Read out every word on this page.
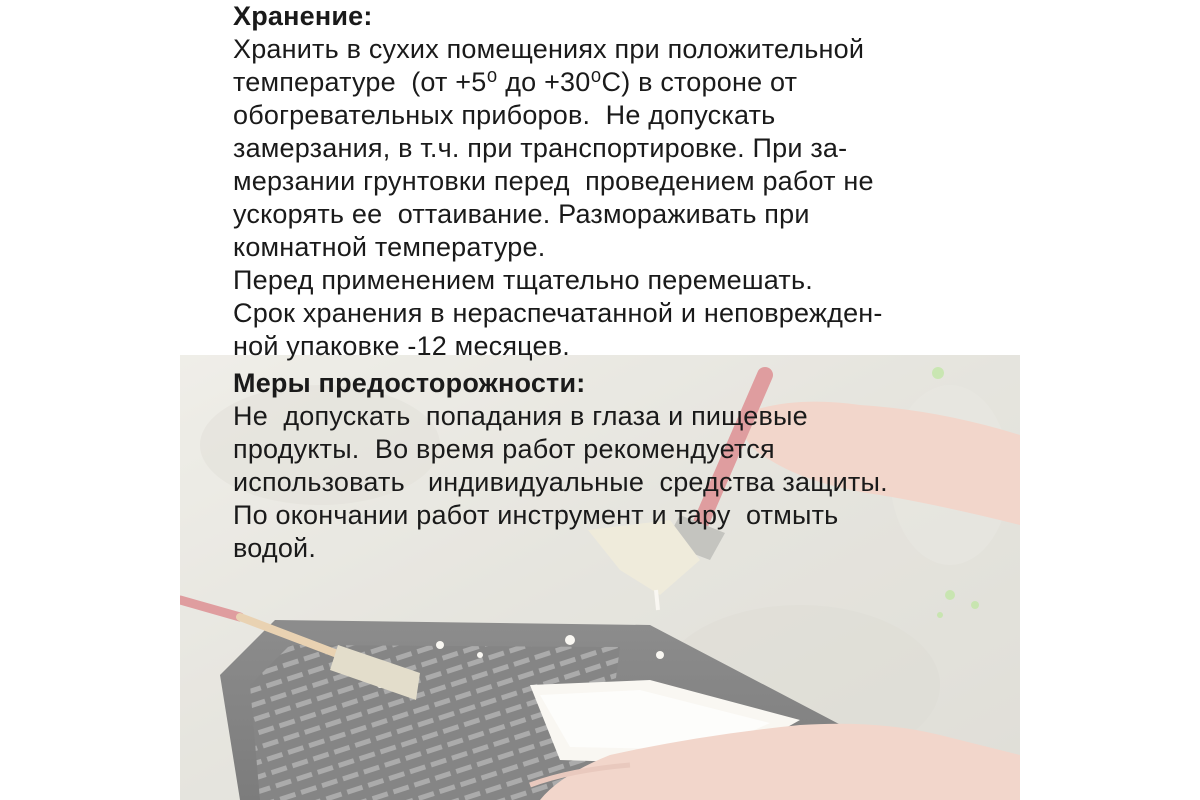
Хранение:
Хранить в сухих помещениях при положительной
температуре  (от +5⁰ до +30⁰С) в стороне от
обогревательных приборов.  Не допускать
замерзания, в т.ч. при транспортировке. При за-
мерзании грунтовки перед  проведением работ не
ускорять ее  оттаивание. Размораживать при
комнатной температуре.
Перед применением тщательно перемешать.
Срок хранения в нераспечатанной и неповрежден-
ной упаковке -12 месяцев.
Меры предосторожности:
Не  допускать  попадания в глаза и пищевые
продукты.  Во время работ рекомендуется
использовать   индивидуальные  средства защиты.
По окончании работ инструмент и тару  отмыть
водой.
